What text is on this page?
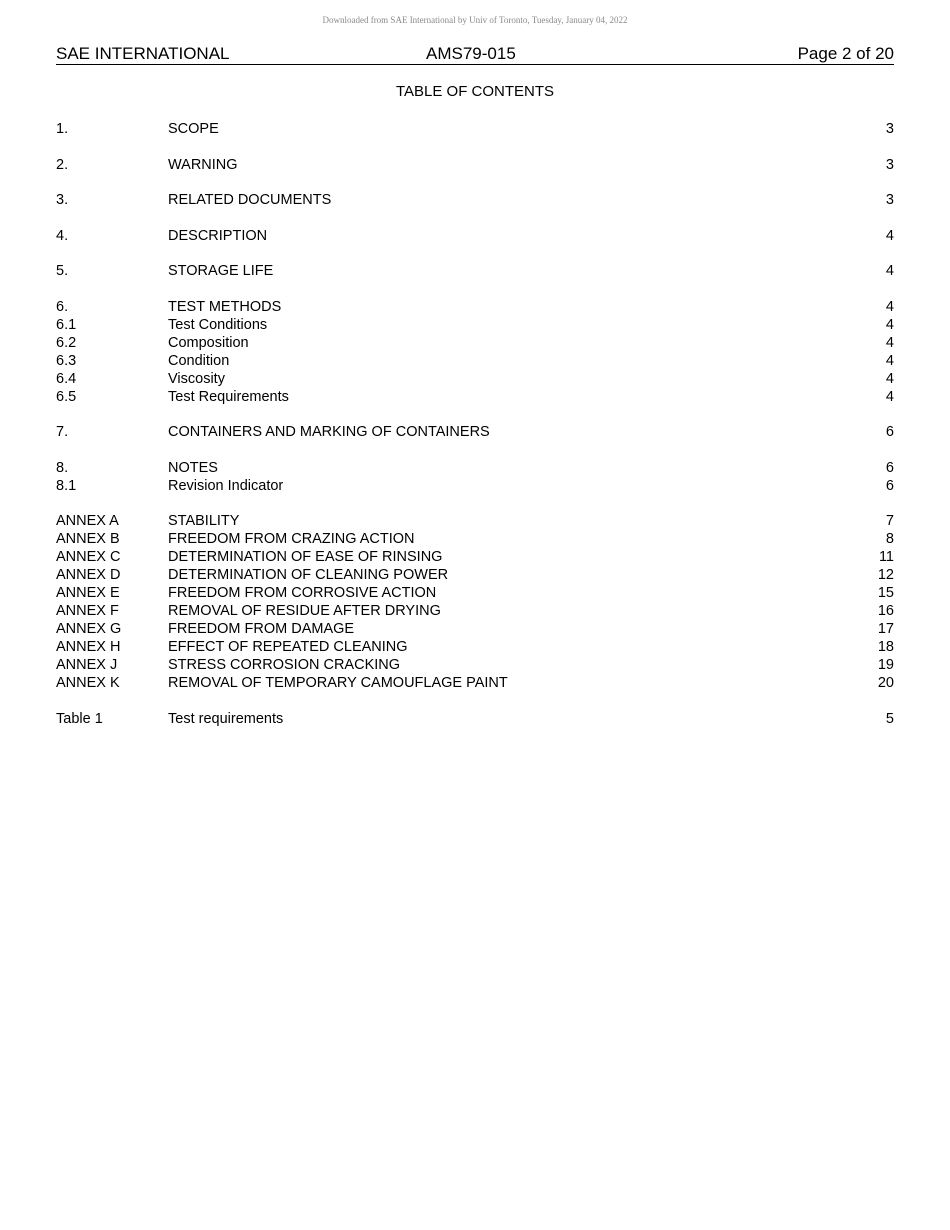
Downloaded from SAE International by Univ of Toronto, Tuesday, January 04, 2022
SAE INTERNATIONAL	AMS79-015	Page 2 of 20
TABLE OF CONTENTS
1.	SCOPE	3
2.	WARNING	3
3.	RELATED DOCUMENTS	3
4.	DESCRIPTION	4
5.	STORAGE LIFE	4
6.	TEST METHODS	4
6.1	Test Conditions	4
6.2	Composition	4
6.3	Condition	4
6.4	Viscosity	4
6.5	Test Requirements	4
7.	CONTAINERS AND MARKING OF CONTAINERS	6
8.	NOTES	6
8.1	Revision Indicator	6
ANNEX A	STABILITY	7
ANNEX B	FREEDOM FROM CRAZING ACTION	8
ANNEX C	DETERMINATION OF EASE OF RINSING	11
ANNEX D	DETERMINATION OF CLEANING POWER	12
ANNEX E	FREEDOM FROM CORROSIVE ACTION	15
ANNEX F	REMOVAL OF RESIDUE AFTER DRYING	16
ANNEX G	FREEDOM FROM DAMAGE	17
ANNEX H	EFFECT OF REPEATED CLEANING	18
ANNEX J	STRESS CORROSION CRACKING	19
ANNEX K	REMOVAL OF TEMPORARY CAMOUFLAGE PAINT	20
Table 1	Test requirements	5
